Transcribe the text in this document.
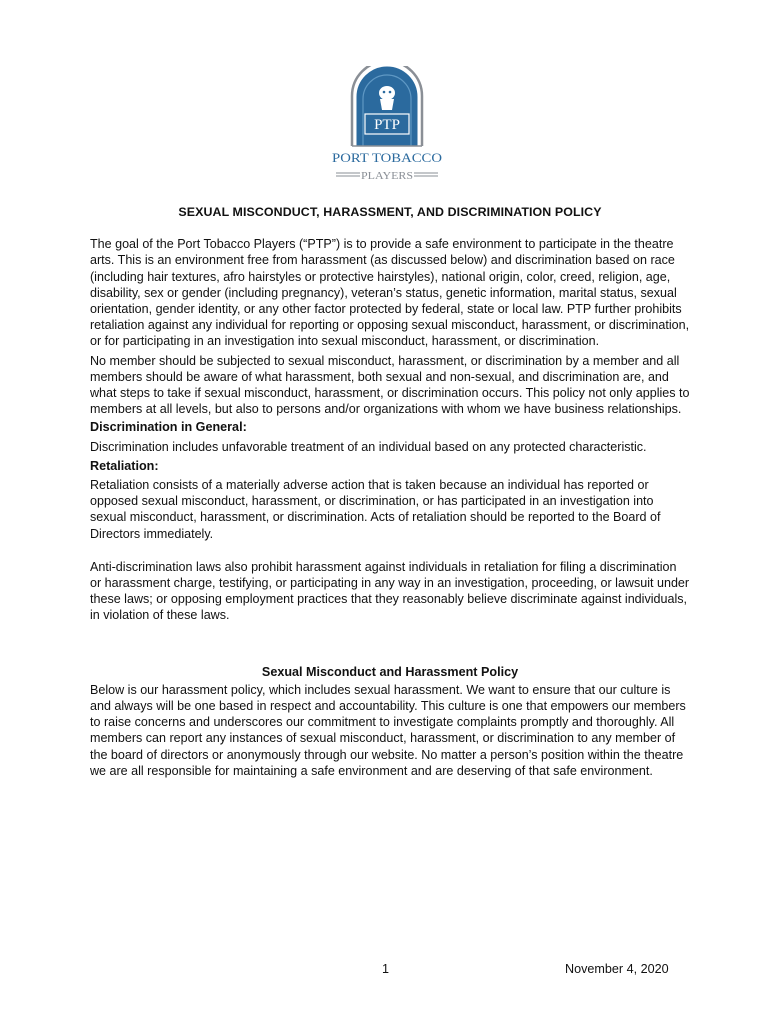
PTP
PORT TOBACCO
PLAYERS
SEXUAL MISCONDUCT, HARASSMENT, AND DISCRIMINATION POLICY

The goal of the Port Tobacco Players (“PTP”) is to provide a safe environment to participate in the theatre arts. This is an environment free from harassment (as discussed below) and discrimination based on race (including hair textures, afro hairstyles or protective hairstyles), national origin, color, creed, religion, age, disability, sex or gender (including pregnancy), veteran’s status, genetic information, marital status, sexual orientation, gender identity, or any other factor protected by federal, state or local law. PTP further prohibits retaliation against any individual for reporting or opposing sexual misconduct, harassment, or discrimination, or for participating in an investigation into sexual misconduct, harassment, or discrimination.

No member should be subjected to sexual misconduct, harassment, or discrimination by a member and all members should be aware of what harassment, both sexual and non-sexual, and discrimination are, and what steps to take if sexual misconduct, harassment, or discrimination occurs. This policy not only applies to members at all levels, but also to persons and/or organizations with whom we have business relationships.

Discrimination in General:

Discrimination includes unfavorable treatment of an individual based on any protected characteristic.

Retaliation:

Retaliation consists of a materially adverse action that is taken because an individual has reported or opposed sexual misconduct, harassment, or discrimination, or has participated in an investigation into sexual misconduct, harassment, or discrimination. Acts of retaliation should be reported to the Board of Directors immediately.

Anti-discrimination laws also prohibit harassment against individuals in retaliation for filing a discrimination or harassment charge, testifying, or participating in any way in an investigation, proceeding, or lawsuit under these laws; or opposing employment practices that they reasonably believe discriminate against individuals, in violation of these laws.

Sexual Misconduct and Harassment Policy

Below is our harassment policy, which includes sexual harassment. We want to ensure that our culture is and always will be one based in respect and accountability. This culture is one that empowers our members to raise concerns and underscores our commitment to investigate complaints promptly and thoroughly. All members can report any instances of sexual misconduct, harassment, or discrimination to any member of the board of directors or anonymously through our website. No matter a person’s position within the theatre we are all responsible for maintaining a safe environment and are deserving of that safe environment.

1	November 4, 2020
